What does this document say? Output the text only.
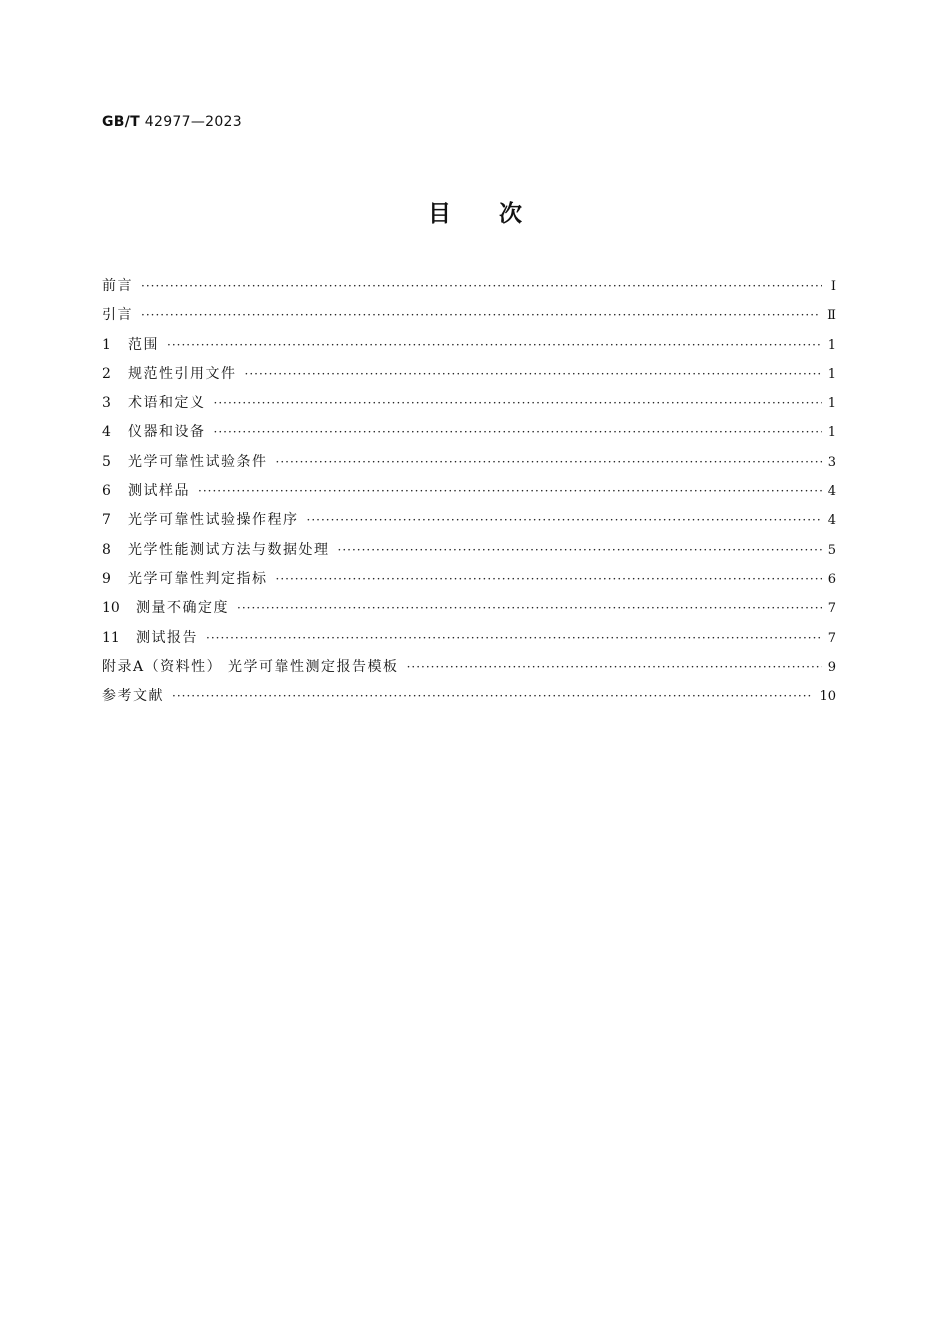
GB/T 42977—2023
目次
前言 ·····	Ⅰ
引言 ·····	Ⅱ
1	范围 ·····	1
2	规范性引用文件 ·····	1
3	术语和定义 ·····	1
4	仪器和设备 ·····	1
5	光学可靠性试验条件 ·····	3
6	测试样品 ·····	4
7	光学可靠性试验操作程序 ·····	4
8	光学性能测试方法与数据处理 ·····	5
9	光学可靠性判定指标 ·····	6
10	测量不确定度 ·····	7
11	测试报告 ·····	7
附录A（资料性） 光学可靠性测定报告模板 ·····	9
参考文献 ·····	10
